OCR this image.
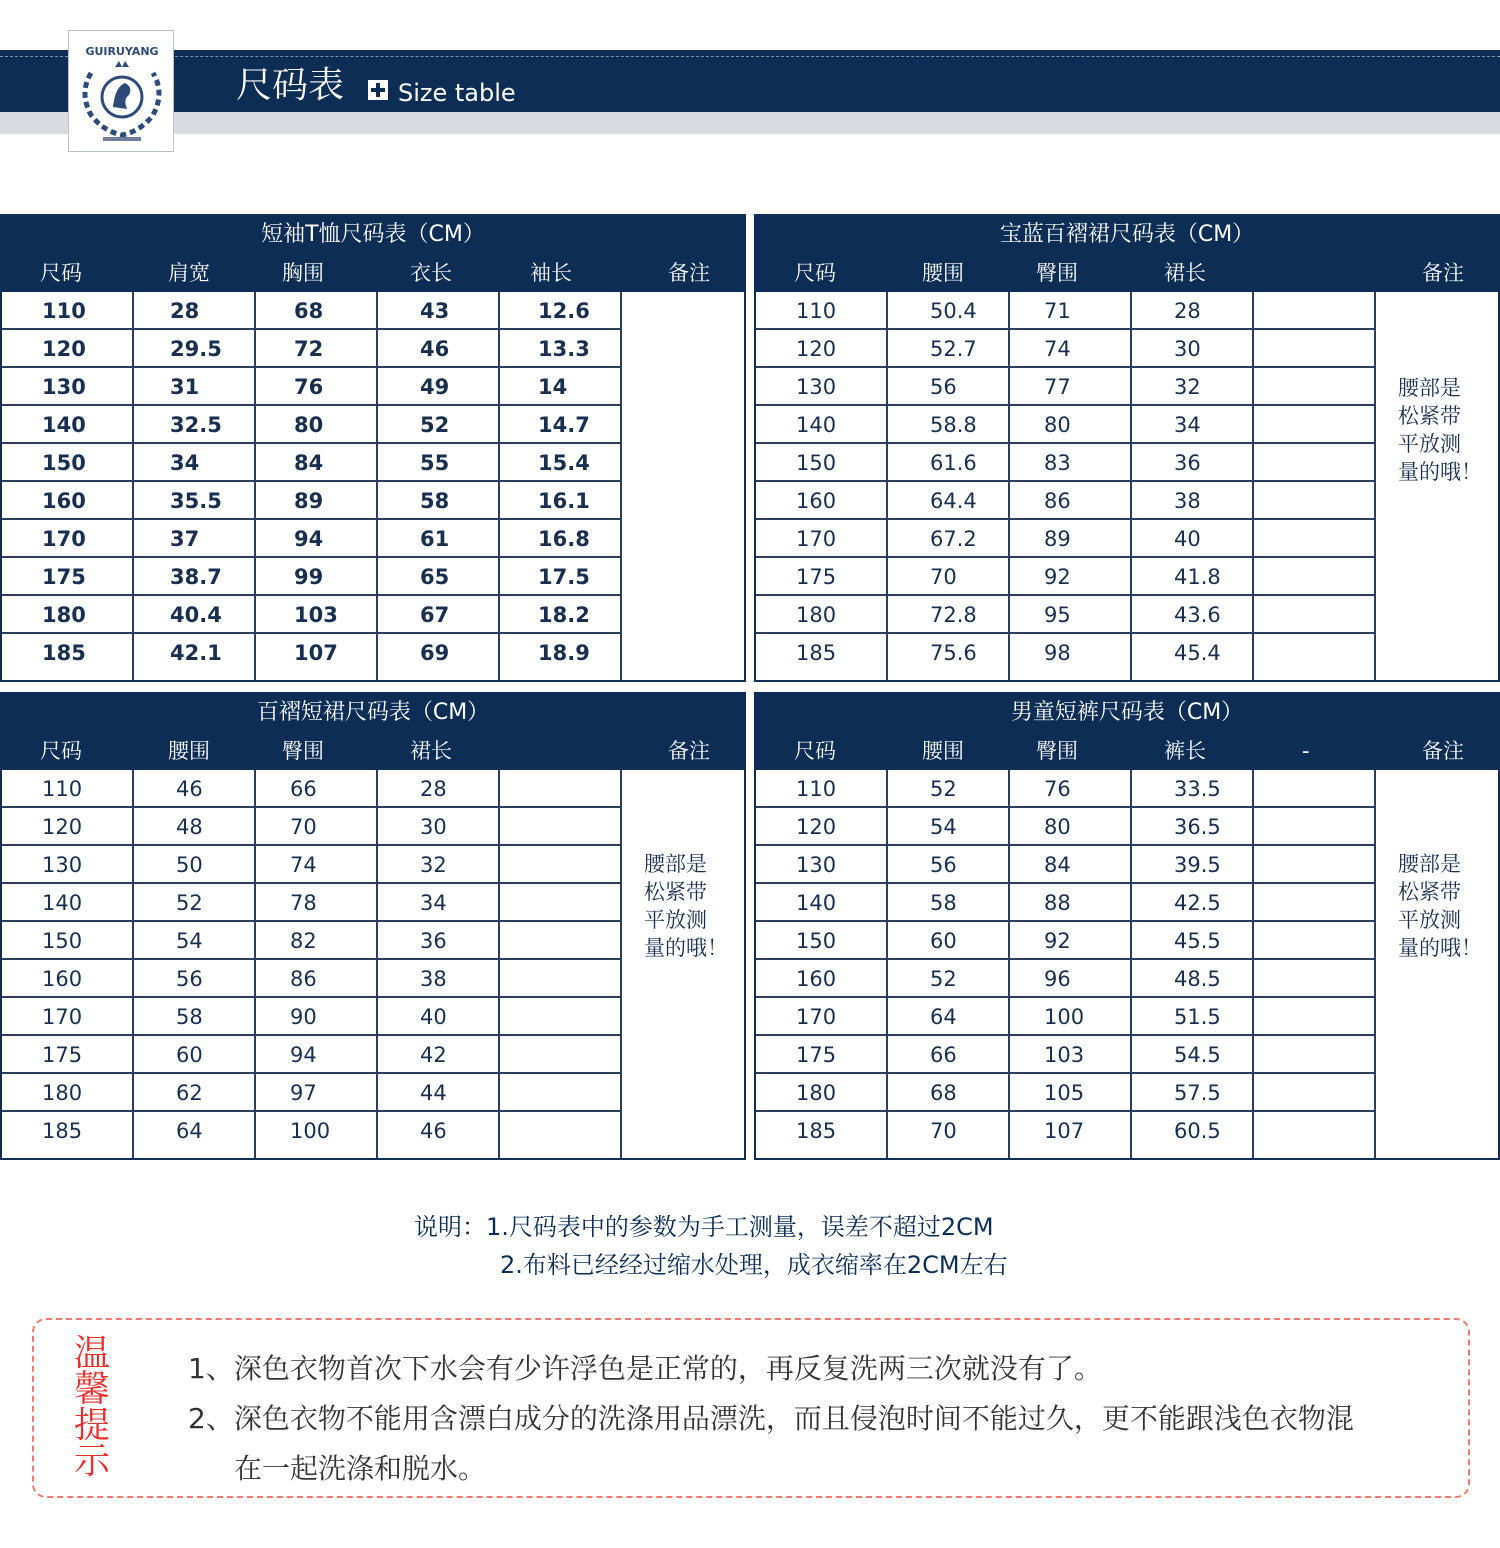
GUIRUYANG
尺码表 Size table
短袖T恤尺码表（CM）
尺码	肩宽	胸围	衣长	袖长	备注
110	28	68	43	12.6
120	29.5	72	46	13.3
130	31	76	49	14
140	32.5	80	52	14.7
150	34	84	55	15.4
160	35.5	89	58	16.1
170	37	94	61	16.8
175	38.7	99	65	17.5
180	40.4	103	67	18.2
185	42.1	107	69	18.9
宝蓝百褶裙尺码表（CM）
尺码	腰围	臀围	裙长	备注
110	50.4	71	28
120	52.7	74	30
130	56	77	32
140	58.8	80	34
150	61.6	83	36
160	64.4	86	38
170	67.2	89	40
175	70	92	41.8
180	72.8	95	43.6
185	75.6	98	45.4
腰部是
松紧带
平放测
量的哦！
百褶短裙尺码表（CM）
尺码	腰围	臀围	裙长	备注
110	46	66	28
120	48	70	30
130	50	74	32
140	52	78	34
150	54	82	36
160	56	86	38
170	58	90	40
175	60	94	42
180	62	97	44
185	64	100	46
腰部是
松紧带
平放测
量的哦！
男童短裤尺码表（CM）
尺码	腰围	臀围	裤长	-	备注
110	52	76	33.5
120	54	80	36.5
130	56	84	39.5
140	58	88	42.5
150	60	92	45.5
160	52	96	48.5
170	64	100	51.5
175	66	103	54.5
180	68	105	57.5
185	70	107	60.5
腰部是
松紧带
平放测
量的哦！
说明：1.尺码表中的参数为手工测量，误差不超过2CM
2.布料已经经过缩水处理，成衣缩率在2CM左右
温
馨
提
示
1、深色衣物首次下水会有少许浮色是正常的，再反复洗两三次就没有了。
2、深色衣物不能用含漂白成分的洗涤用品漂洗，而且侵泡时间不能过久，更不能跟浅色衣物混
在一起洗涤和脱水。
